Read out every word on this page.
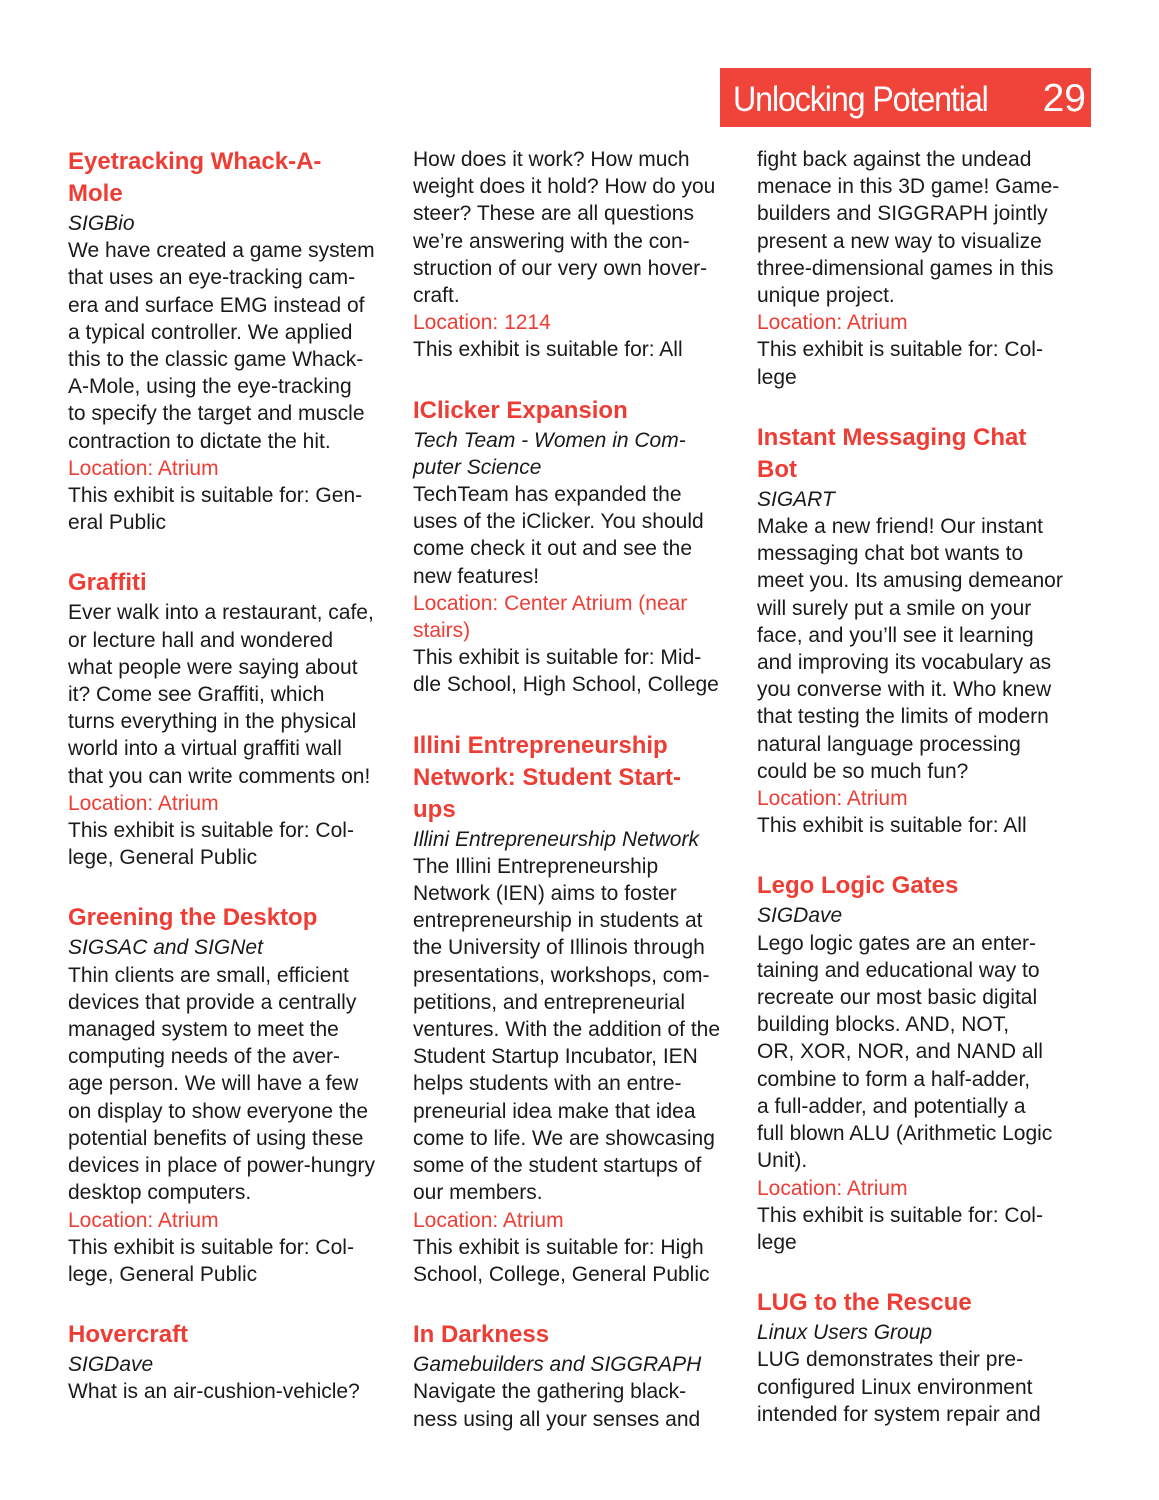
Unlocking Potential 29

Eyetracking Whack-A-
Mole

SIGBio

We have created a game system
that uses an eye-tracking cam-
era and surface EMG instead of
a typical controller. We applied
this to the classic game Whack-
A-Mole, using the eye-tracking
to specify the target and muscle
contraction to dictate the hit.

Location: Atrium

This exhibit is suitable for: Gen-
eral Public

Graffiti

Ever walk into a restaurant, cafe,
or lecture hall and wondered
what people were saying about
it? Come see Graffiti, which
turns everything in the physical
world into a virtual graffiti wall
that you can write comments on!

Location: Atrium

This exhibit is suitable for: Col-
lege, General Public

Greening the Desktop

SIGSAC and SIGNet

Thin clients are small, efficient
devices that provide a centrally
managed system to meet the
computing needs of the aver-
age person. We will have a few
on display to show everyone the
potential benefits of using these
devices in place of power-hungry
desktop computers.

Location: Atrium

This exhibit is suitable for: Col-
lege, General Public

Hovercraft

SIGDave

What is an air-cushion-vehicle?

How does it work? How much
weight does it hold? How do you
steer? These are all questions
we’re answering with the con-
struction of our very own hover-
craft.

Location: 1214

This exhibit is suitable for: All

IClicker Expansion

Tech Team - Women in Com-
puter Science

TechTeam has expanded the
uses of the iClicker. You should
come check it out and see the
new features!

Location: Center Atrium (near
stairs)

This exhibit is suitable for: Mid-
dle School, High School, College

Illini Entrepreneurship
Network: Student Start-
ups

Illini Entrepreneurship Network

The Illini Entrepreneurship
Network (IEN) aims to foster
entrepreneurship in students at
the University of Illinois through
presentations, workshops, com-
petitions, and entrepreneurial
ventures. With the addition of the
Student Startup Incubator, IEN
helps students with an entre-
preneurial idea make that idea
come to life. We are showcasing
some of the student startups of
our members.

Location: Atrium

This exhibit is suitable for: High
School, College, General Public

In Darkness

Gamebuilders and SIGGRAPH

Navigate the gathering black-
ness using all your senses and

fight back against the undead
menace in this 3D game! Game-
builders and SIGGRAPH jointly
present a new way to visualize
three-dimensional games in this
unique project.

Location: Atrium

This exhibit is suitable for: Col-
lege

Instant Messaging Chat
Bot

SIGART

Make a new friend! Our instant
messaging chat bot wants to
meet you. Its amusing demeanor
will surely put a smile on your
face, and you’ll see it learning
and improving its vocabulary as
you converse with it. Who knew
that testing the limits of modern
natural language processing
could be so much fun?

Location: Atrium

This exhibit is suitable for: All

Lego Logic Gates

SIGDave

Lego logic gates are an enter-
taining and educational way to
recreate our most basic digital
building blocks. AND, NOT,
OR, XOR, NOR, and NAND all
combine to form a half-adder,
a full-adder, and potentially a
full blown ALU (Arithmetic Logic
Unit).

Location: Atrium

This exhibit is suitable for: Col-
lege

LUG to the Rescue

Linux Users Group

LUG demonstrates their pre-
configured Linux environment
intended for system repair and
